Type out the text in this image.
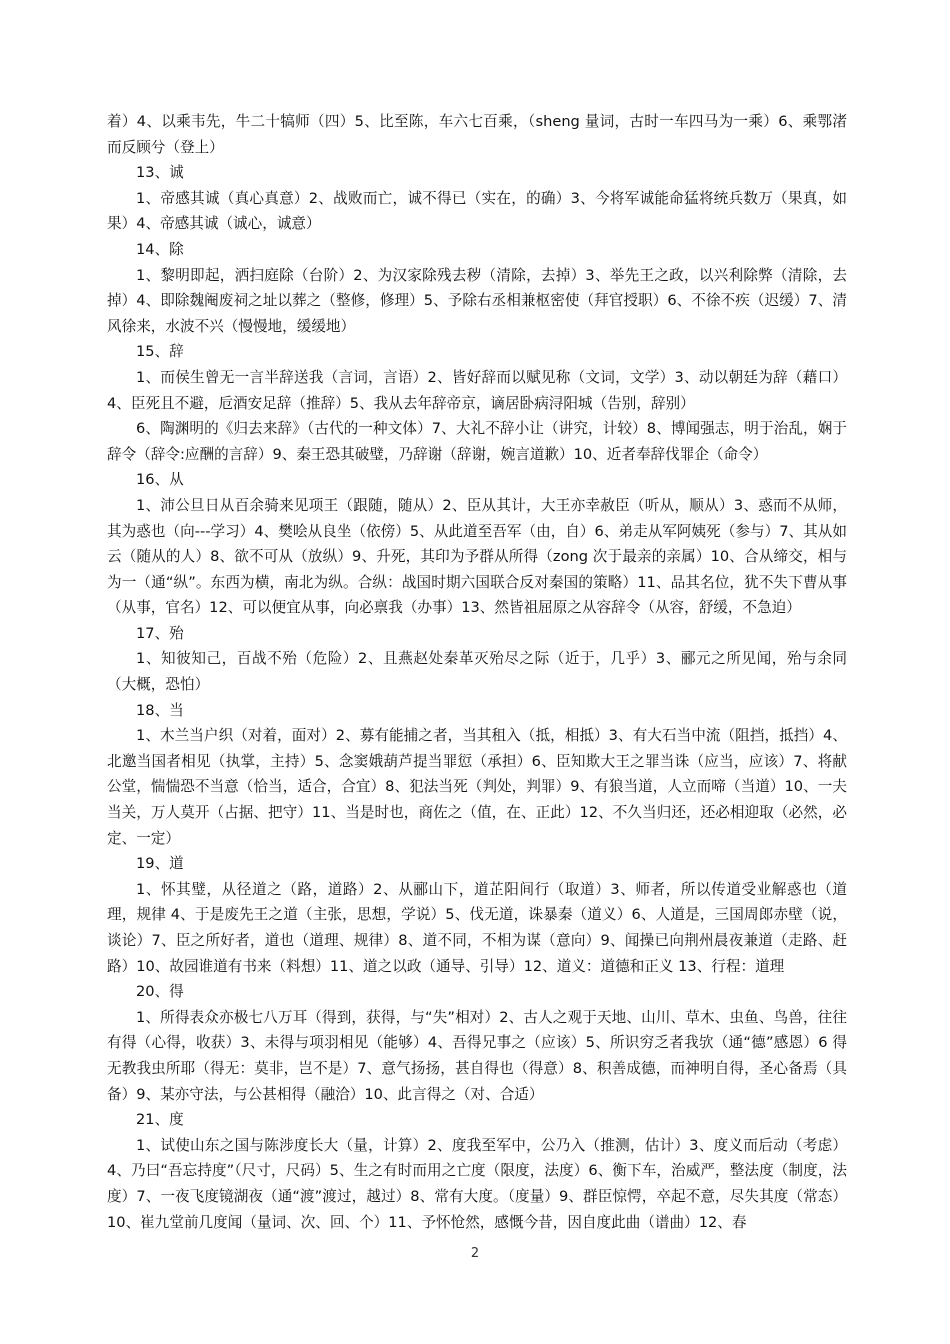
着）4、以乘韦先，牛二十犒师（四）5、比至陈，车六七百乘，（sheng 量词，古时一车四马为一乘）6、乘鄂渚而反顾兮（登上）

13、诚

1、帝感其诚（真心真意）2、战败而亡，诚不得已（实在，的确）3、今将军诚能命猛将统兵数万（果真，如果）4、帝感其诚（诚心，诚意）

14、除

1、黎明即起，洒扫庭除（台阶）2、为汉家除残去秽（清除，去掉）3、举先王之政，以兴利除弊（清除，去掉）4、即除魏阉废祠之址以葬之（整修，修理）5、予除右丞相兼枢密使（拜官授职）6、不徐不疾（迟缓）7、清风徐来，水波不兴（慢慢地，缓缓地）

15、辞

1、而侯生曾无一言半辞送我（言词，言语）2、皆好辞而以赋见称（文词，文学）3、动以朝廷为辞（藉口）4、臣死且不避，卮酒安足辞（推辞）5、我从去年辞帝京，谪居卧病浔阳城（告别，辞别）

6、陶渊明的《归去来辞》（古代的一种文体）7、大礼不辞小让（讲究，计较）8、博闻强志，明于治乱，娴于辞令（辞令:应酬的言辞）9、秦王恐其破璧，乃辞谢（辞谢，婉言道歉）10、近者奉辞伐罪企（命令）

16、从

1、沛公旦日从百余骑来见项王（跟随，随从）2、臣从其计，大王亦幸赦臣（听从，顺从）3、惑而不从师，其为惑也（向---学习）4、樊哙从良坐（依傍）5、从此道至吾军（由，自）6、弟走从军阿姨死（参与）7、其从如云（随从的人）8、欲不可从（放纵）9、升死，其印为予群从所得（zong 次于最亲的亲属）10、合从缔交，相与为一（通“纵”。东西为横，南北为纵。合纵：战国时期六国联合反对秦国的策略）11、品其名位，犹不失下曹从事（从事，官名）12、可以便宜从事，向必禀我（办事）13、然皆祖屈原之从容辞令（从容，舒缓，不急迫）

17、殆

1、知彼知己，百战不殆（危险）2、且燕赵处秦革灭殆尽之际（近于，几乎）3、郦元之所见闻，殆与余同（大概，恐怕）

18、当

1、木兰当户织（对着，面对）2、募有能捕之者，当其租入（抵，相抵）3、有大石当中流（阻挡，抵挡）4、北邀当国者相见（执掌，主持）5、念窦娥葫芦提当罪愆（承担）6、臣知欺大王之罪当诛（应当，应该）7、将献公堂，惴惴恐不当意（恰当，适合，合宜）8、犯法当死（判处，判罪）9、有狼当道，人立而啼（当道）10、一夫当关，万人莫开（占据、把守）11、当是时也，商佐之（值，在、正此）12、不久当归还，还必相迎取（必然，必定、一定）

19、道

1、怀其璧，从径道之（路，道路）2、从郦山下，道芷阳间行（取道）3、师者，所以传道受业解惑也（道理，规律 4、于是废先王之道（主张，思想，学说）5、伐无道，诛暴秦（道义）6、人道是，三国周郎赤壁（说，谈论）7、臣之所好者，道也（道理、规律）8、道不同，不相为谋（意向）9、闻操已向荆州晨夜兼道（走路、赶路）10、故园谁道有书来（料想）11、道之以政（通导、引导）12、道义：道德和正义 13、行程：道理

20、得

1、所得表众亦极七八万耳（得到，获得，与“失”相对）2、古人之观于天地、山川、草木、虫鱼、鸟兽，往往有得（心得，收获）3、未得与项羽相见（能够）4、吾得兄事之（应该）5、所识穷乏者我欤（通“德”感恩）6 得无教我虫所耶（得无：莫非，岂不是）7、意气扬扬，甚自得也（得意）8、积善成德，而神明自得，圣心备焉（具备）9、某亦守法，与公甚相得（融洽）10、此言得之（对、合适）

21、度

1、试使山东之国与陈涉度长大（量，计算）2、度我至军中，公乃入（推测，估计）3、度义而后动（考虑）4、乃曰“吾忘持度”（尺寸，尺码）5、生之有时而用之亡度（限度，法度）6、衡下车，治威严，整法度（制度，法度）7、一夜飞度镜湖夜（通“渡”渡过，越过）8、常有大度。（度量）9、群臣惊愕，卒起不意，尽失其度（常态）10、崔九堂前几度闻（量词、次、回、个）11、予怀怆然，感慨今昔，因自度此曲（谱曲）12、春

2
